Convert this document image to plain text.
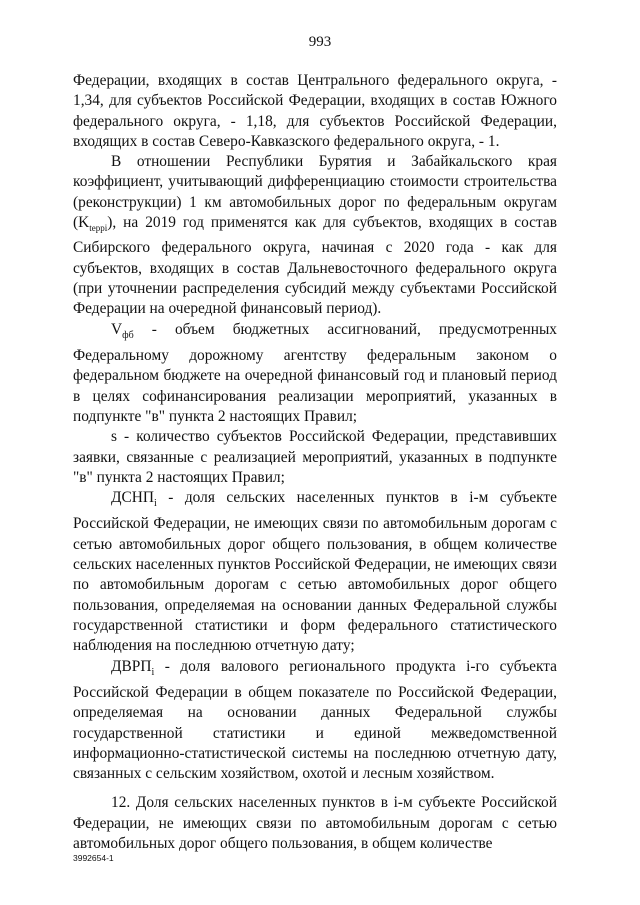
993

Федерации, входящих в состав Центрального федерального округа, - 1,34, для субъектов Российской Федерации, входящих в состав Южного федерального округа, - 1,18, для субъектов Российской Федерации, входящих в состав Северо-Кавказского федерального округа, - 1.

В отношении Республики Бурятия и Забайкальского края коэффициент, учитывающий дифференциацию стоимости строительства (реконструкции) 1 км автомобильных дорог по федеральным округам $(K_{teppi})$, на 2019 год применятся как для субъектов, входящих в состав Сибирского федерального округа, начиная с 2020 года - как для субъектов, входящих в состав Дальневосточного федерального округа (при уточнении распределения субсидий между субъектами Российской Федерации на очередной финансовый период).

$V_{фб}$ - объем бюджетных ассигнований, предусмотренных Федеральному дорожному агентству федеральным законом о федеральном бюджете на очередной финансовый год и плановый период в целях софинансирования реализации мероприятий, указанных в подпункте "в" пункта 2 настоящих Правил;

s - количество субъектов Российской Федерации, представивших заявки, связанные с реализацией мероприятий, указанных в подпункте "в" пункта 2 настоящих Правил;

$ДСНП_i$ - доля сельских населенных пунктов в i-м субъекте Российской Федерации, не имеющих связи по автомобильным дорогам с сетью автомобильных дорог общего пользования, в общем количестве сельских населенных пунктов Российской Федерации, не имеющих связи по автомобильным дорогам с сетью автомобильных дорог общего пользования, определяемая на основании данных Федеральной службы государственной статистики и форм федерального статистического наблюдения на последнюю отчетную дату;

$ДВРП_i$ - доля валового регионального продукта i-го субъекта Российской Федерации в общем показателе по Российской Федерации, определяемая на основании данных Федеральной службы государственной статистики и единой межведомственной информационно-статистической системы на последнюю отчетную дату, связанных с сельским хозяйством, охотой и лесным хозяйством.

12. Доля сельских населенных пунктов в i-м субъекте Российской Федерации, не имеющих связи по автомобильным дорогам с сетью автомобильных дорог общего пользования, в общем количестве

3992654-1
